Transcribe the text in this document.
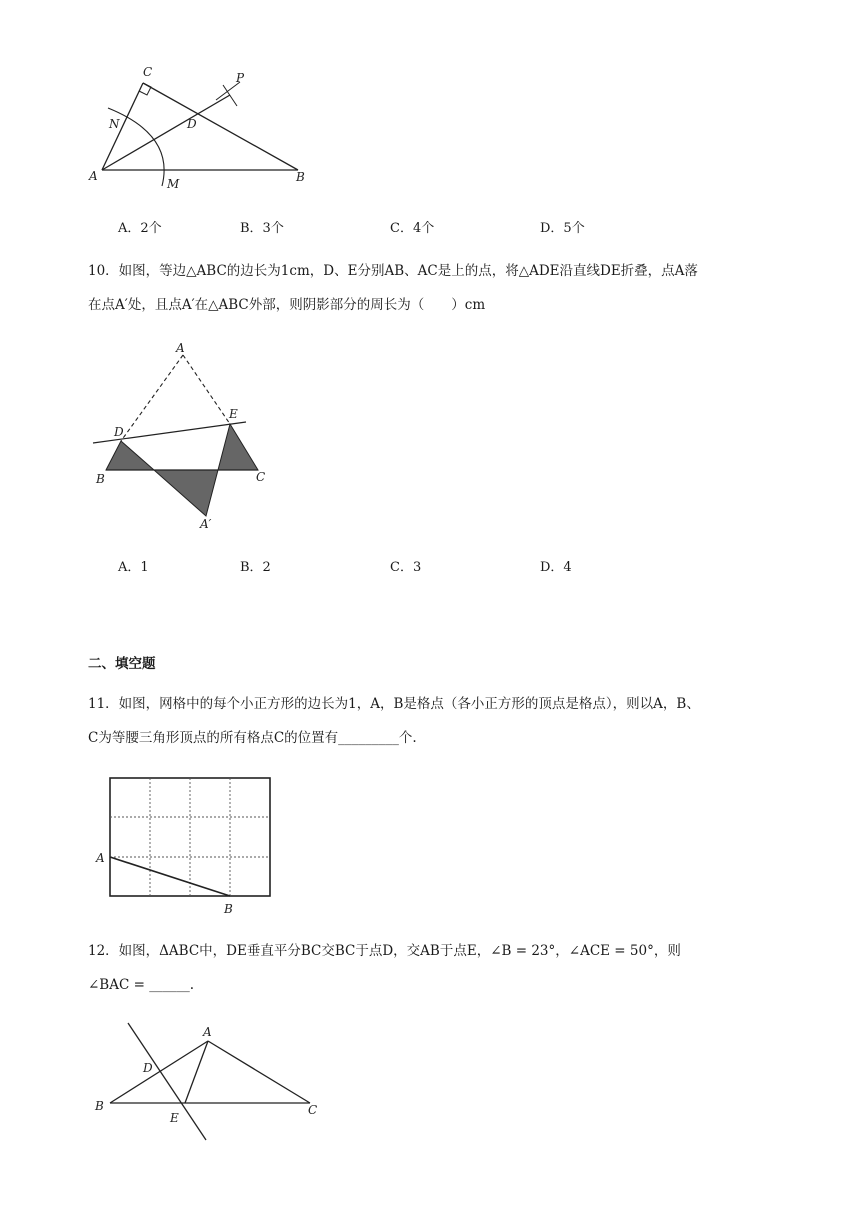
C	P
N	D
A
M	B
A．2个	B．3个	C．4个	D．5个
10．如图，等边△ABC的边长为1cm，D、E分别AB、AC是上的点，将△ADE沿直线DE折叠，点A落
在点A′处，且点A′在△ABC外部，则阴影部分的周长为（　　）cm
A
D
E
B	C
A′
A．1	B．2	C．3	D．4
二、填空题
11．如图，网格中的每个小正方形的边长为1，A，B是格点（各小正方形的顶点是格点），则以A，B、
C为等腰三角形顶点的所有格点C的位置有_________个.
A
B
12．如图，ΔABC中，DE垂直平分BC交BC于点D，交AB于点E，∠B = 23°，∠ACE = 50°，则
∠BAC = ______.
A
D
B
E
C
